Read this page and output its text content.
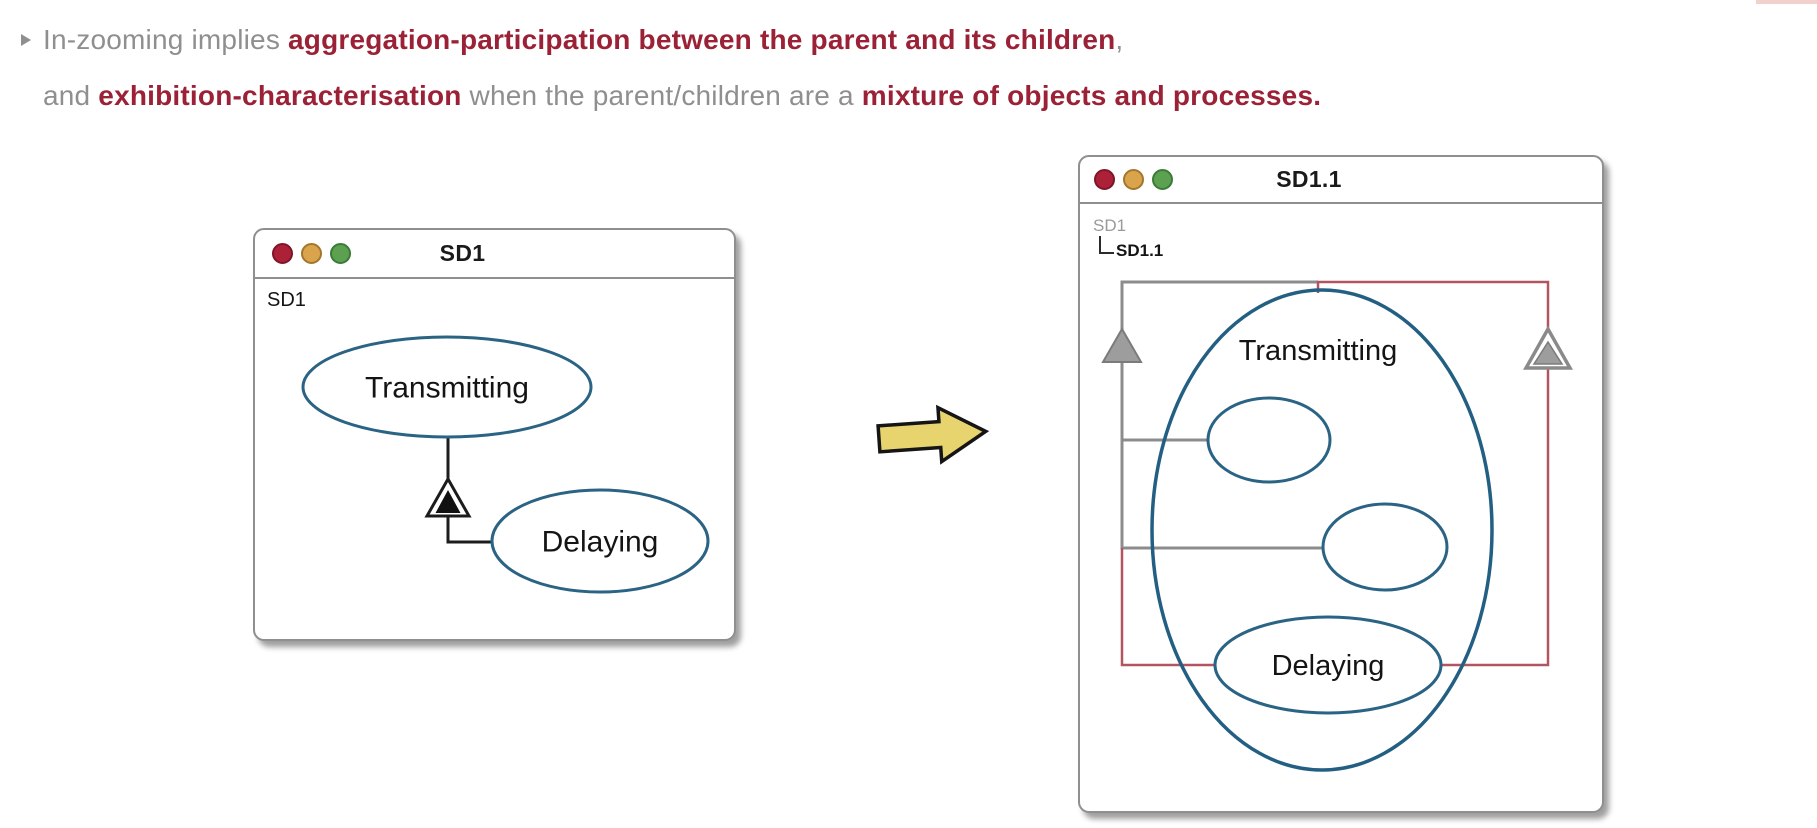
In-zooming implies aggregation-participation between the parent and its children,
and exhibition-characterisation when the parent/children are a mixture of objects and processes.
SD1
SD1
Transmitting
Delaying
SD1.1
SD1
SD1.1
Transmitting
Delaying
